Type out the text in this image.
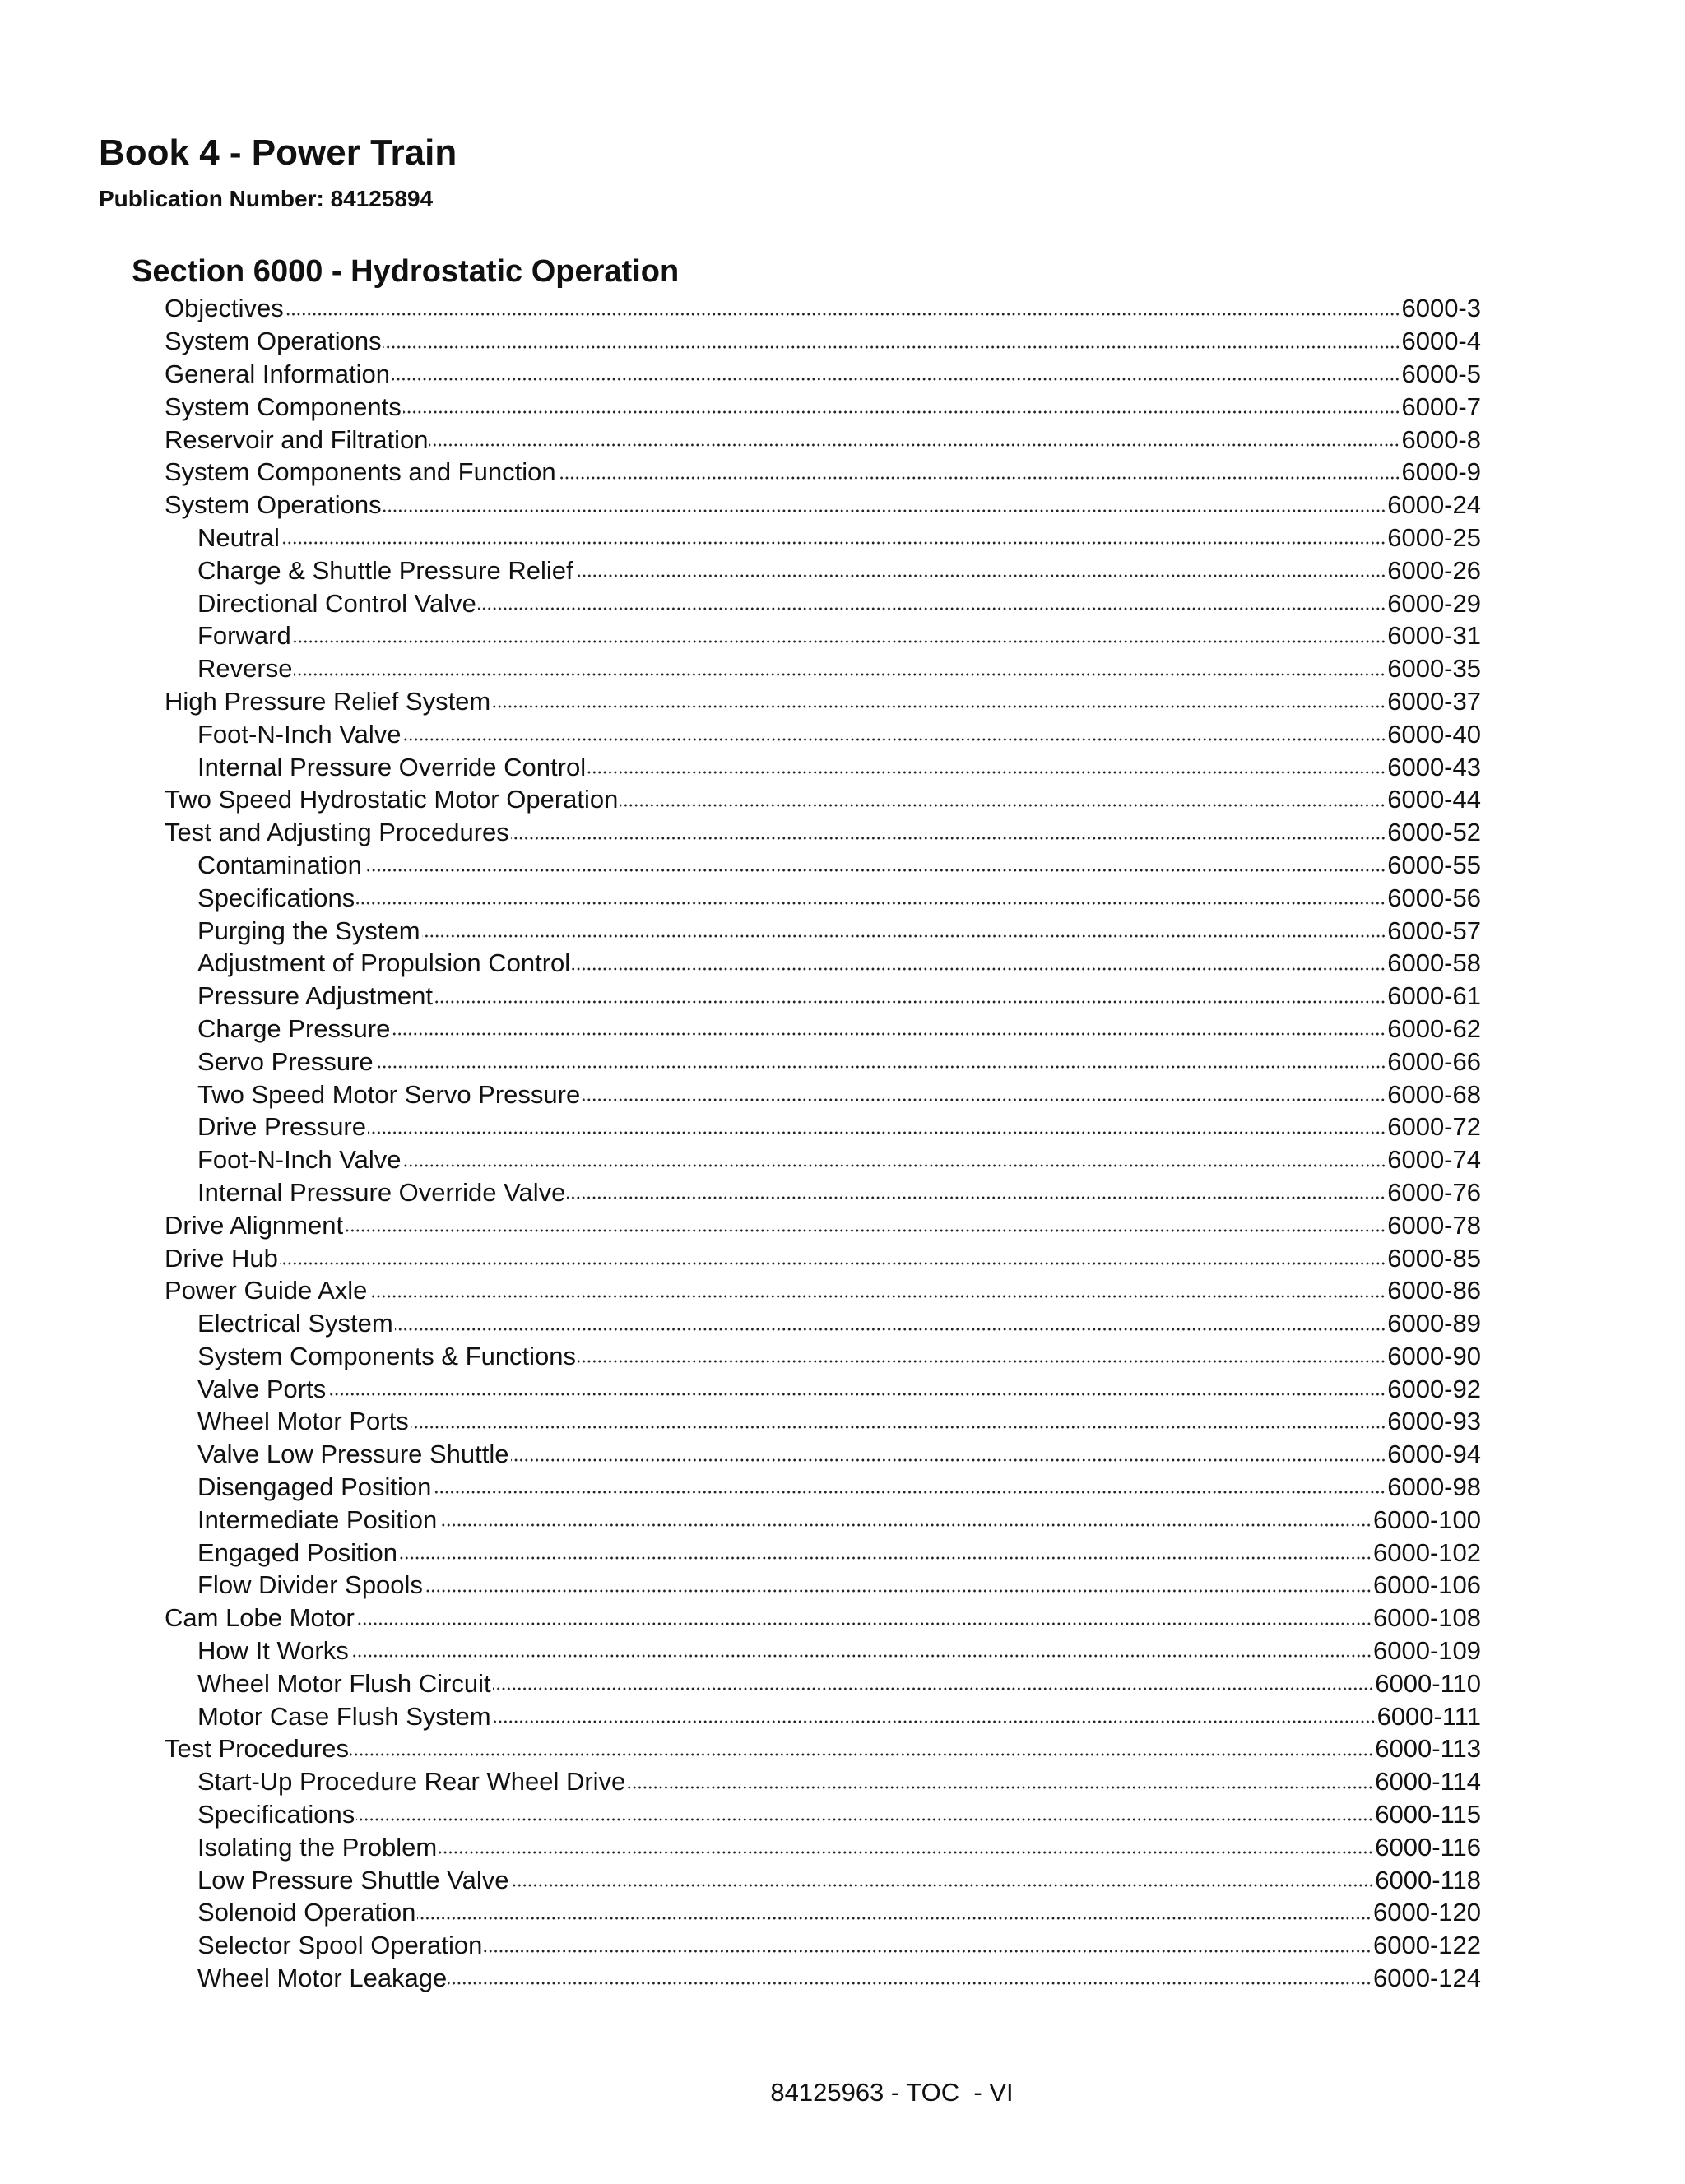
Book 4 - Power Train
Publication Number: 84125894
Section 6000 - Hydrostatic Operation
Objectives	6000-3
System Operations	6000-4
General Information	6000-5
System Components	6000-7
Reservoir and Filtration	6000-8
System Components and Function	6000-9
System Operations	6000-24
Neutral	6000-25
Charge & Shuttle Pressure Relief	6000-26
Directional Control Valve	6000-29
Forward	6000-31
Reverse	6000-35
High Pressure Relief System	6000-37
Foot-N-Inch Valve	6000-40
Internal Pressure Override Control	6000-43
Two Speed Hydrostatic Motor Operation	6000-44
Test and Adjusting Procedures	6000-52
Contamination	6000-55
Specifications	6000-56
Purging the System	6000-57
Adjustment of Propulsion Control	6000-58
Pressure Adjustment	6000-61
Charge Pressure	6000-62
Servo Pressure	6000-66
Two Speed Motor Servo Pressure	6000-68
Drive Pressure	6000-72
Foot-N-Inch Valve	6000-74
Internal Pressure Override Valve	6000-76
Drive Alignment	6000-78
Drive Hub	6000-85
Power Guide Axle	6000-86
Electrical System	6000-89
System Components & Functions	6000-90
Valve Ports	6000-92
Wheel Motor Ports	6000-93
Valve Low Pressure Shuttle	6000-94
Disengaged Position	6000-98
Intermediate Position	6000-100
Engaged Position	6000-102
Flow Divider Spools	6000-106
Cam Lobe Motor	6000-108
How It Works	6000-109
Wheel Motor Flush Circuit	6000-110
Motor Case Flush System	6000-111
Test Procedures	6000-113
Start-Up Procedure Rear Wheel Drive	6000-114
Specifications	6000-115
Isolating the Problem	6000-116
Low Pressure Shuttle Valve	6000-118
Solenoid Operation	6000-120
Selector Spool Operation	6000-122
Wheel Motor Leakage	6000-124
84125963 - TOC  - VI
